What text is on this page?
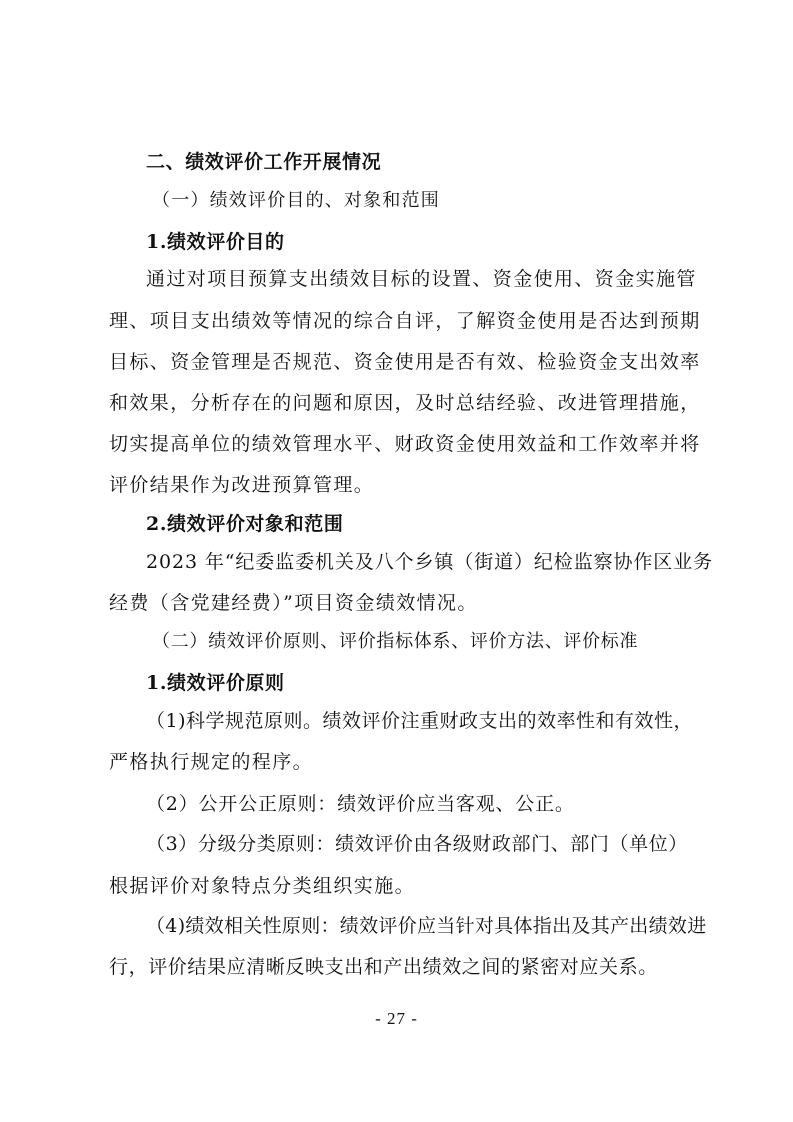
二、绩效评价工作开展情况
（一）绩效评价目的、对象和范围
1.绩效评价目的
通过对项目预算支出绩效目标的设置、资金使用、资金实施管
理、项目支出绩效等情况的综合自评，了解资金使用是否达到预期
目标、资金管理是否规范、资金使用是否有效、检验资金支出效率
和效果，分析存在的问题和原因，及时总结经验、改进管理措施，
切实提高单位的绩效管理水平、财政资金使用效益和工作效率并将
评价结果作为改进预算管理。
2.绩效评价对象和范围
2023 年“纪委监委机关及八个乡镇（街道）纪检监察协作区业务
经费（含党建经费）”项目资金绩效情况。
（二）绩效评价原则、评价指标体系、评价方法、评价标准
1.绩效评价原则
（1)科学规范原则。绩效评价注重财政支出的效率性和有效性，
严格执行规定的程序。
（2）公开公正原则：绩效评价应当客观、公正。
（3）分级分类原则：绩效评价由各级财政部门、部门（单位）
根据评价对象特点分类组织实施。
（4)绩效相关性原则：绩效评价应当针对具体指出及其产出绩效进
行，评价结果应清晰反映支出和产出绩效之间的紧密对应关系。
- 27 -
